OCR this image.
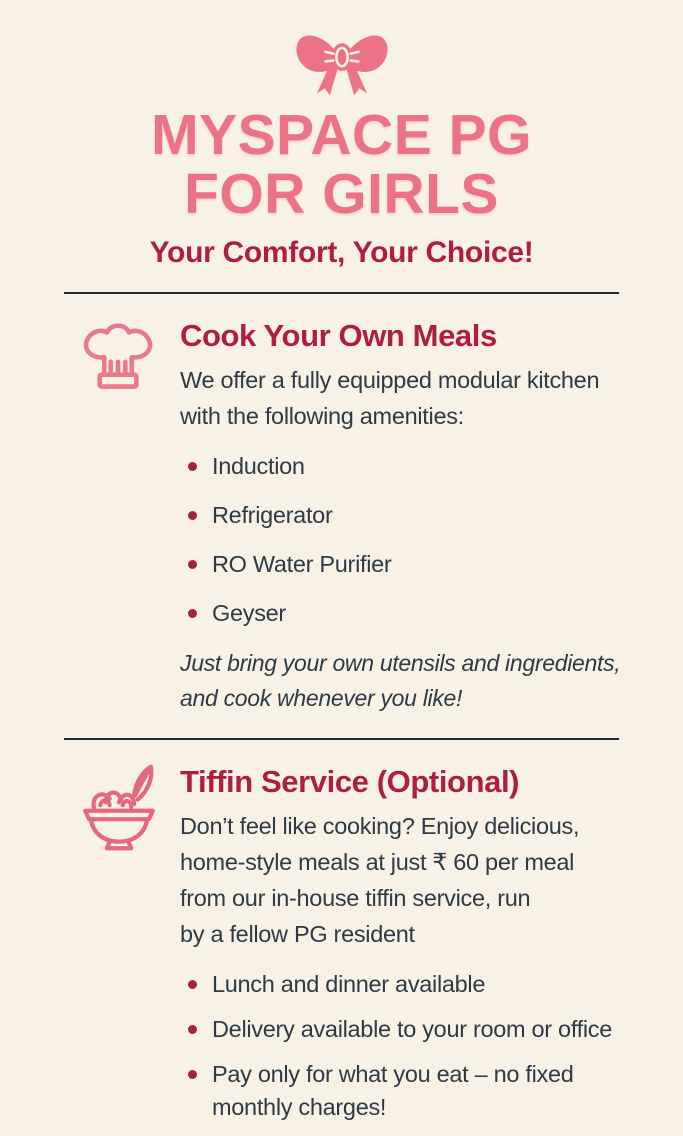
MYSPACE PG
FOR GIRLS
Your Comfort, Your Choice!
Cook Your Own Meals
We offer a fully equipped modular kitchen
with the following amenities:
Induction
Refrigerator
RO Water Purifier
Geyser
Just bring your own utensils and ingredients,
and cook whenever you like!
Tiffin Service (Optional)
Don’t feel like cooking? Enjoy delicious,
home-style meals at just ₹ 60 per meal
from our in-house tiffin service, run
by a fellow PG resident
Lunch and dinner available
Delivery available to your room or office
Pay only for what you eat – no fixed
monthly charges!
